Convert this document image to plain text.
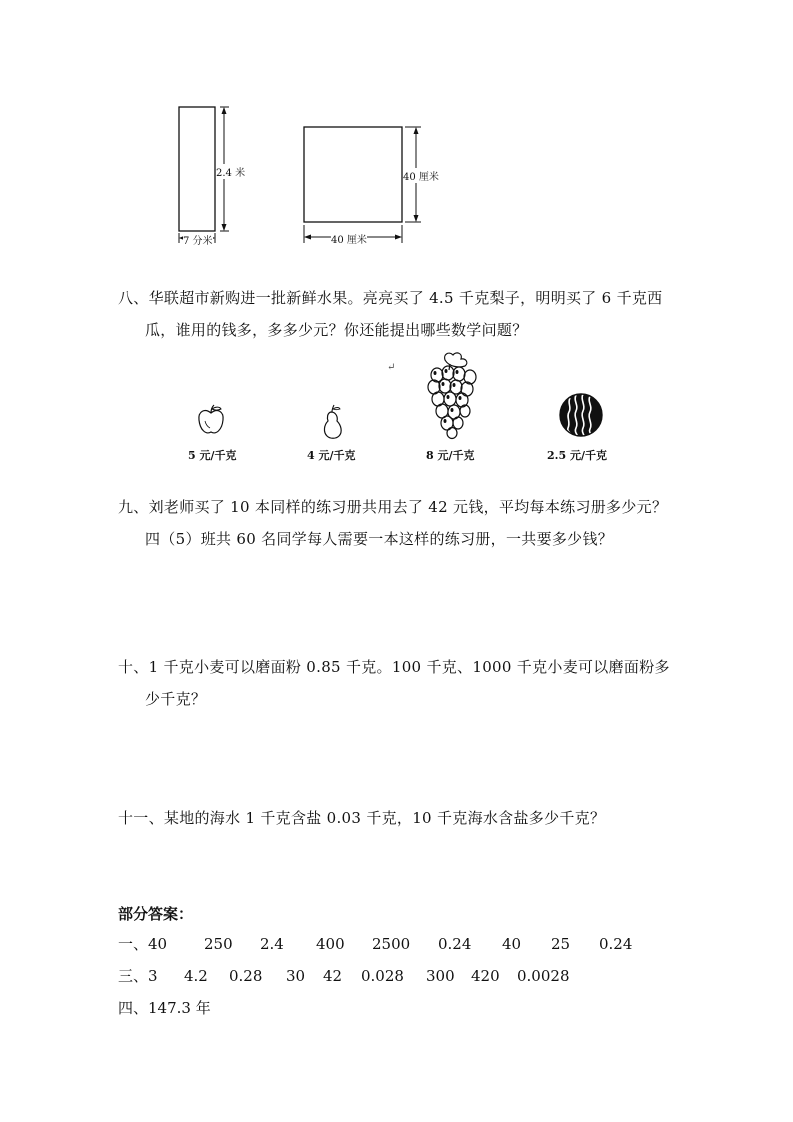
2.4 米
7 分米
40 厘米
40 厘米
八、华联超市新购进一批新鲜水果。亮亮买了 4.5 千克梨子，明明买了 6 千克西
瓜，谁用的钱多，多多少元？你还能提出哪些数学问题？
↵
5 元/千克	4 元/千克	8 元/千克	2.5 元/千克
九、刘老师买了 10 本同样的练习册共用去了 42 元钱，平均每本练习册多少元？
四（5）班共 60 名同学每人需要一本这样的练习册，一共要多少钱？
十、1 千克小麦可以磨面粉 0.85 千克。100 千克、1000 千克小麦可以磨面粉多
少千克？
十一、某地的海水 1 千克含盐 0.03 千克，10 千克海水含盐多少千克？
部分答案：
一、40	250	2.4	400	2500	0.24	40	25	0.24
三、3	4.2	0.28	30	42	0.028	300	420	0.0028
四、147.3 年
